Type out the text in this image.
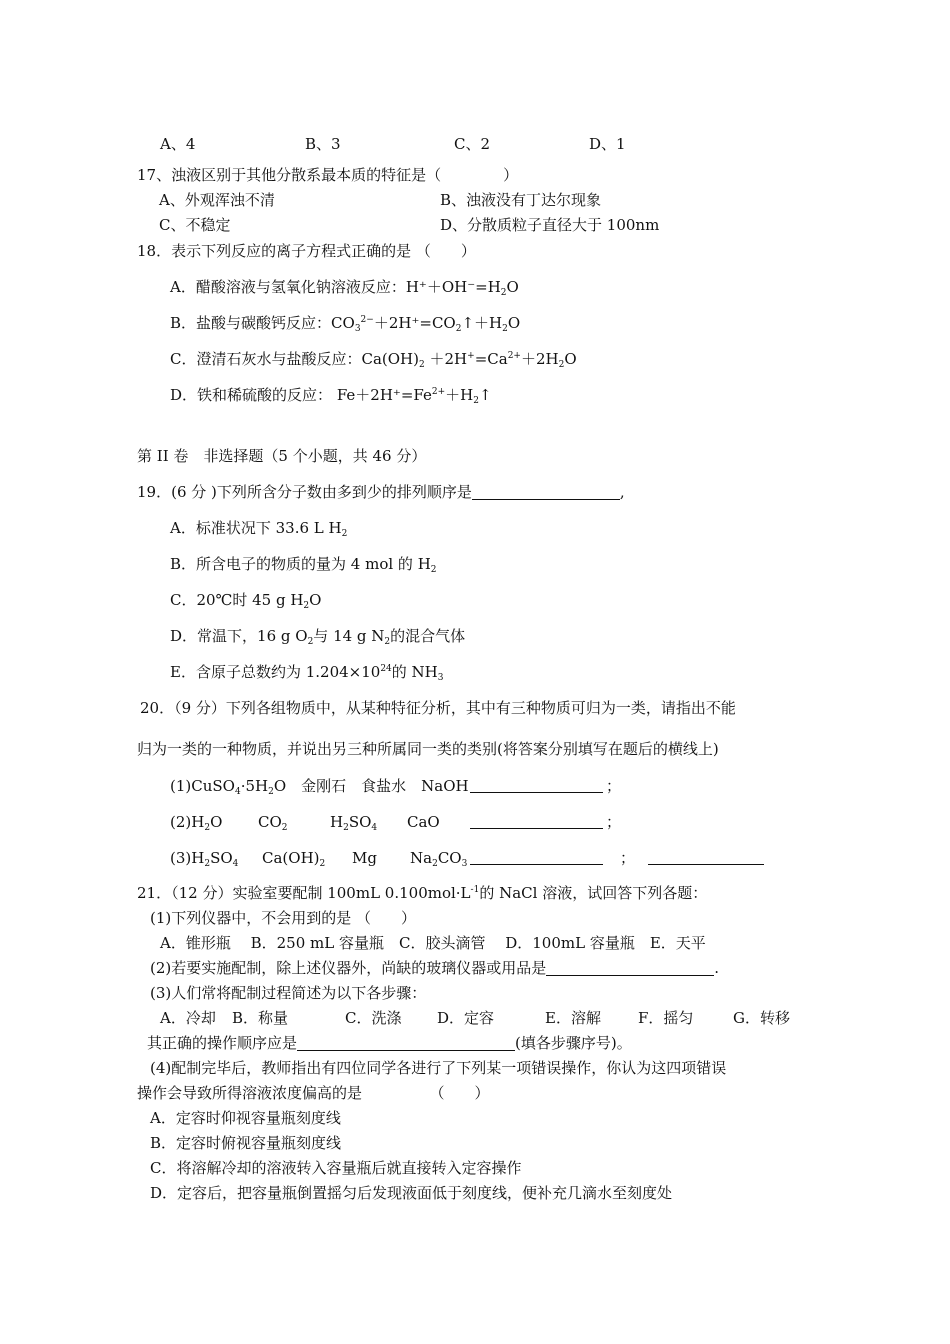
A、4	B、3	C、2	D、1
17、浊液区别于其他分散系最本质的特征是（	）
A、外观浑浊不清	B、浊液没有丁达尔现象
C、不稳定	D、分散质粒子直径大于 100nm
18．表示下列反应的离子方程式正确的是 （　　）
A．醋酸溶液与氢氧化钠溶液反应：$H^++OH^-=H_2O$
B．盐酸与碳酸钙反应：$CO_3^{2-}+2H^+=CO_2↑+H_2O$
C．澄清石灰水与盐酸反应：$Ca(OH)_2 +2H^+=Ca^{2+}+2H_2O$
D．铁和稀硫酸的反应： $Fe+2H^+=Fe^{2+}+H_2↑$
第 II 卷　非选择题（5 个小题，共 46 分）
19．(6 分 )下列所含分子数由多到少的排列顺序是	,
A．标准状况下 33.6 L $H_2$
B．所含电子的物质的量为 4 mol 的 $H_2$
C．20℃时 45 g $H_2O$
D．常温下，16 g $O_2$与 14 g $N_2$的混合气体
E．含原子总数约为 $1.204\times 10^{24}$的 $NH_3$
20．（9 分）下列各组物质中，从某种特征分析，其中有三种物质可归为一类，请指出不能
归为一类的一种物质，并说出另三种所属同一类的类别(将答案分别填写在题后的横线上)
$(1)CuSO_4\cdot 5H_2O$　金刚石　食盐水　NaOH	；
$(2)H_2O$ $CO_2$	$H_2SO_4$ CaO	；
$(3)H_2SO_4$ $Ca(OH)_2$ Mg $Na_2CO_3$	；
21．（12 分）实验室要配制 100mL $0.100mol\cdot L^{-1}$的 NaCl 溶液，试回答下列各题：
(1)下列仪器中，不会用到的是 （　　）
A．锥形瓶　 B．250 mL 容量瓶　C．胶头滴管　 D．100mL 容量瓶　E．天平
(2)若要实施配制，除上述仪器外，尚缺的玻璃仪器或用品是	.
(3)人们常将配制过程简述为以下各步骤：
A．冷却 B．称量	C．洗涤 D．定容	E．溶解 F．摇匀	G．转移
其正确的操作顺序应是	(填各步骤序号)。
(4)配制完毕后，教师指出有四位同学各进行了下列某一项错误操作，你认为这四项错误
操作会导致所得溶液浓度偏高的是　　　　　（　　）
A．定容时仰视容量瓶刻度线
B．定容时俯视容量瓶刻度线
C．将溶解冷却的溶液转入容量瓶后就直接转入定容操作
D．定容后，把容量瓶倒置摇匀后发现液面低于刻度线，便补充几滴水至刻度处
